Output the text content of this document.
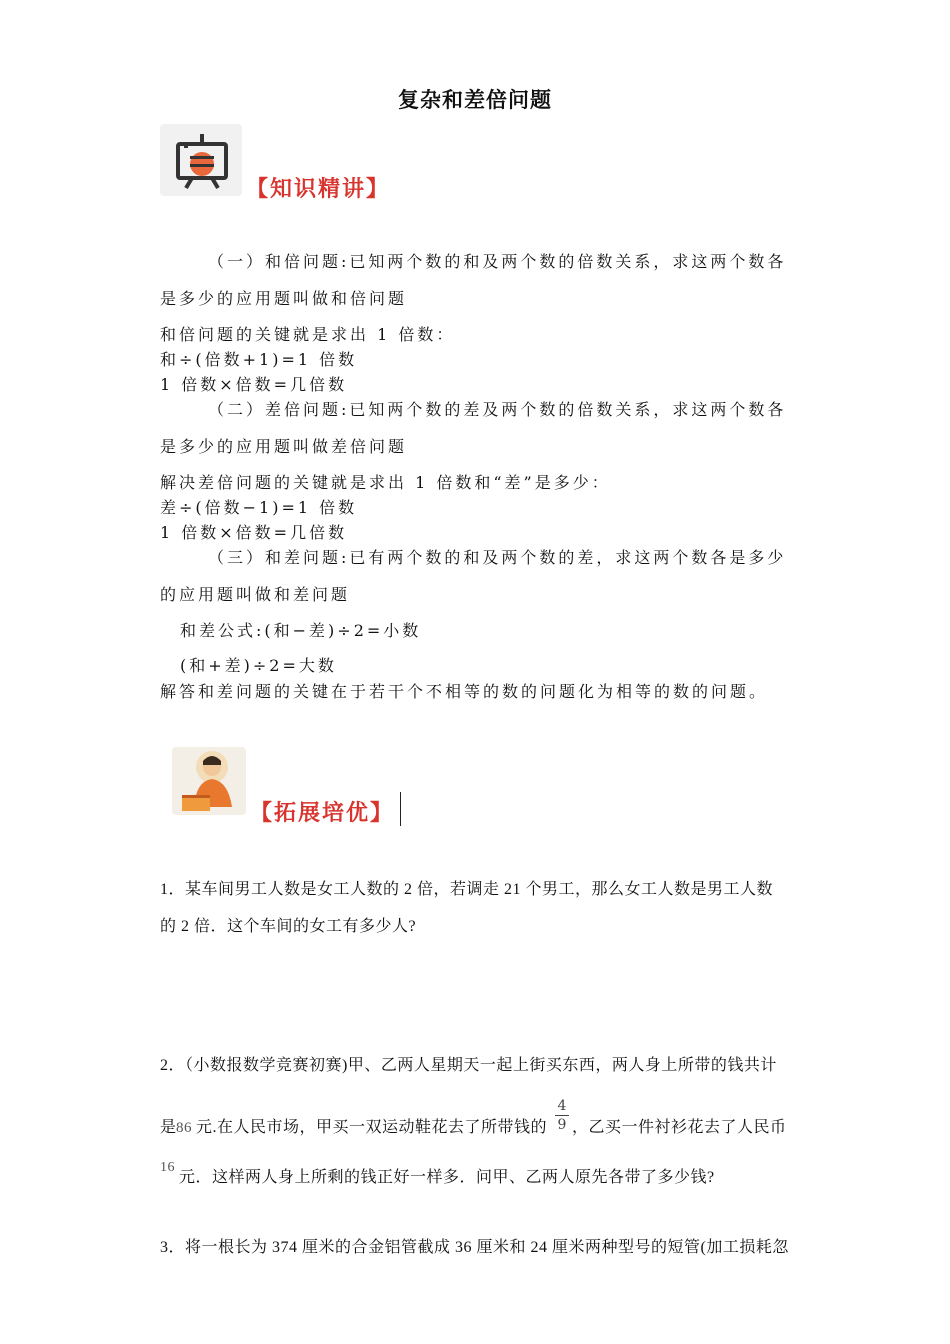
复杂和差倍问题
【知识精讲】
（一）和倍问题:已知两个数的和及两个数的倍数关系，求这两个数各
是多少的应用题叫做和倍问题
和倍问题的关键就是求出 1 倍数：
和÷(倍数+1)=1 倍数
1 倍数×倍数=几倍数
（二）差倍问题:已知两个数的差及两个数的倍数关系，求这两个数各
是多少的应用题叫做差倍问题
解决差倍问题的关键就是求出 1 倍数和“差”是多少：
差÷(倍数−1)=1 倍数
1 倍数×倍数=几倍数
（三）和差问题:已有两个数的和及两个数的差，求这两个数各是多少
的应用题叫做和差问题
和差公式:(和−差)÷2=小数
(和+差)÷2=大数
解答和差问题的关键在于若干个不相等的数的问题化为相等的数的问题。
【拓展培优】
1．某车间男工人数是女工人数的 2 倍，若调走 21 个男工，那么女工人数是男工人数
的 2 倍．这个车间的女工有多少人?
2．（小数报数学竞赛初赛)甲、乙两人星期天一起上街买东西，两人身上所带的钱共计
是 86 元.在人民市场，甲买一双运动鞋花去了所带钱的
4
9 ，乙买一件衬衫花去了人民币
16
元．这样两人身上所剩的钱正好一样多．问甲、乙两人原先各带了多少钱?
3．将一根长为 374 厘米的合金铝管截成 36 厘米和 24 厘米两种型号的短管(加工损耗忽
